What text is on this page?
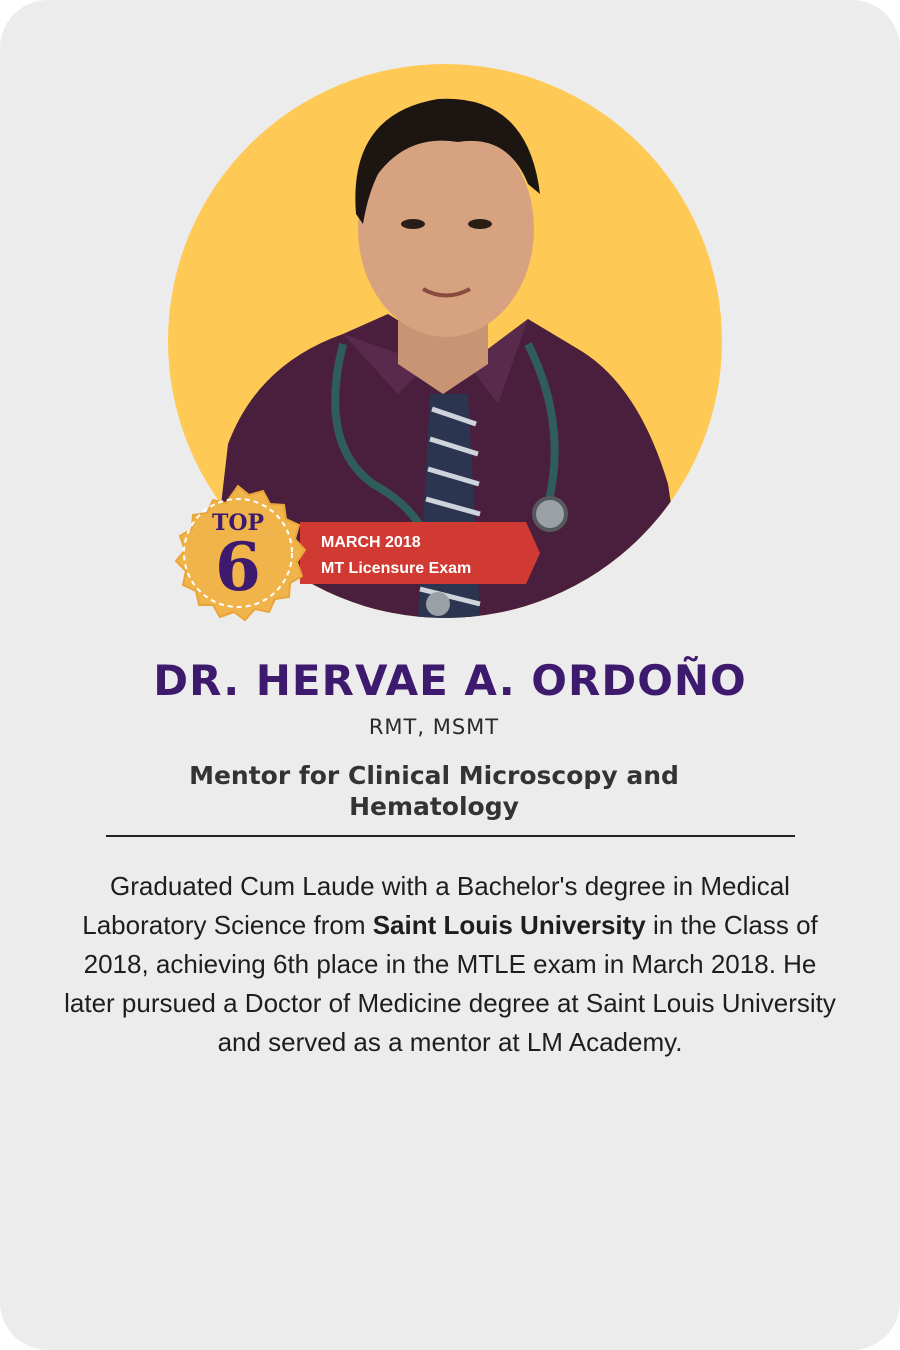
MARCH 2018
MT Licensure Exam
TOP
6
DR. HERVAE A. ORDOÑO
RMT, MSMT
Mentor for Clinical Microscopy and Hematology
Graduated Cum Laude with a Bachelor's degree in Medical Laboratory Science from Saint Louis University in the Class of 2018, achieving 6th place in the MTLE exam in March 2018. He later pursued a Doctor of Medicine degree at Saint Louis University and served as a mentor at LM Academy.
